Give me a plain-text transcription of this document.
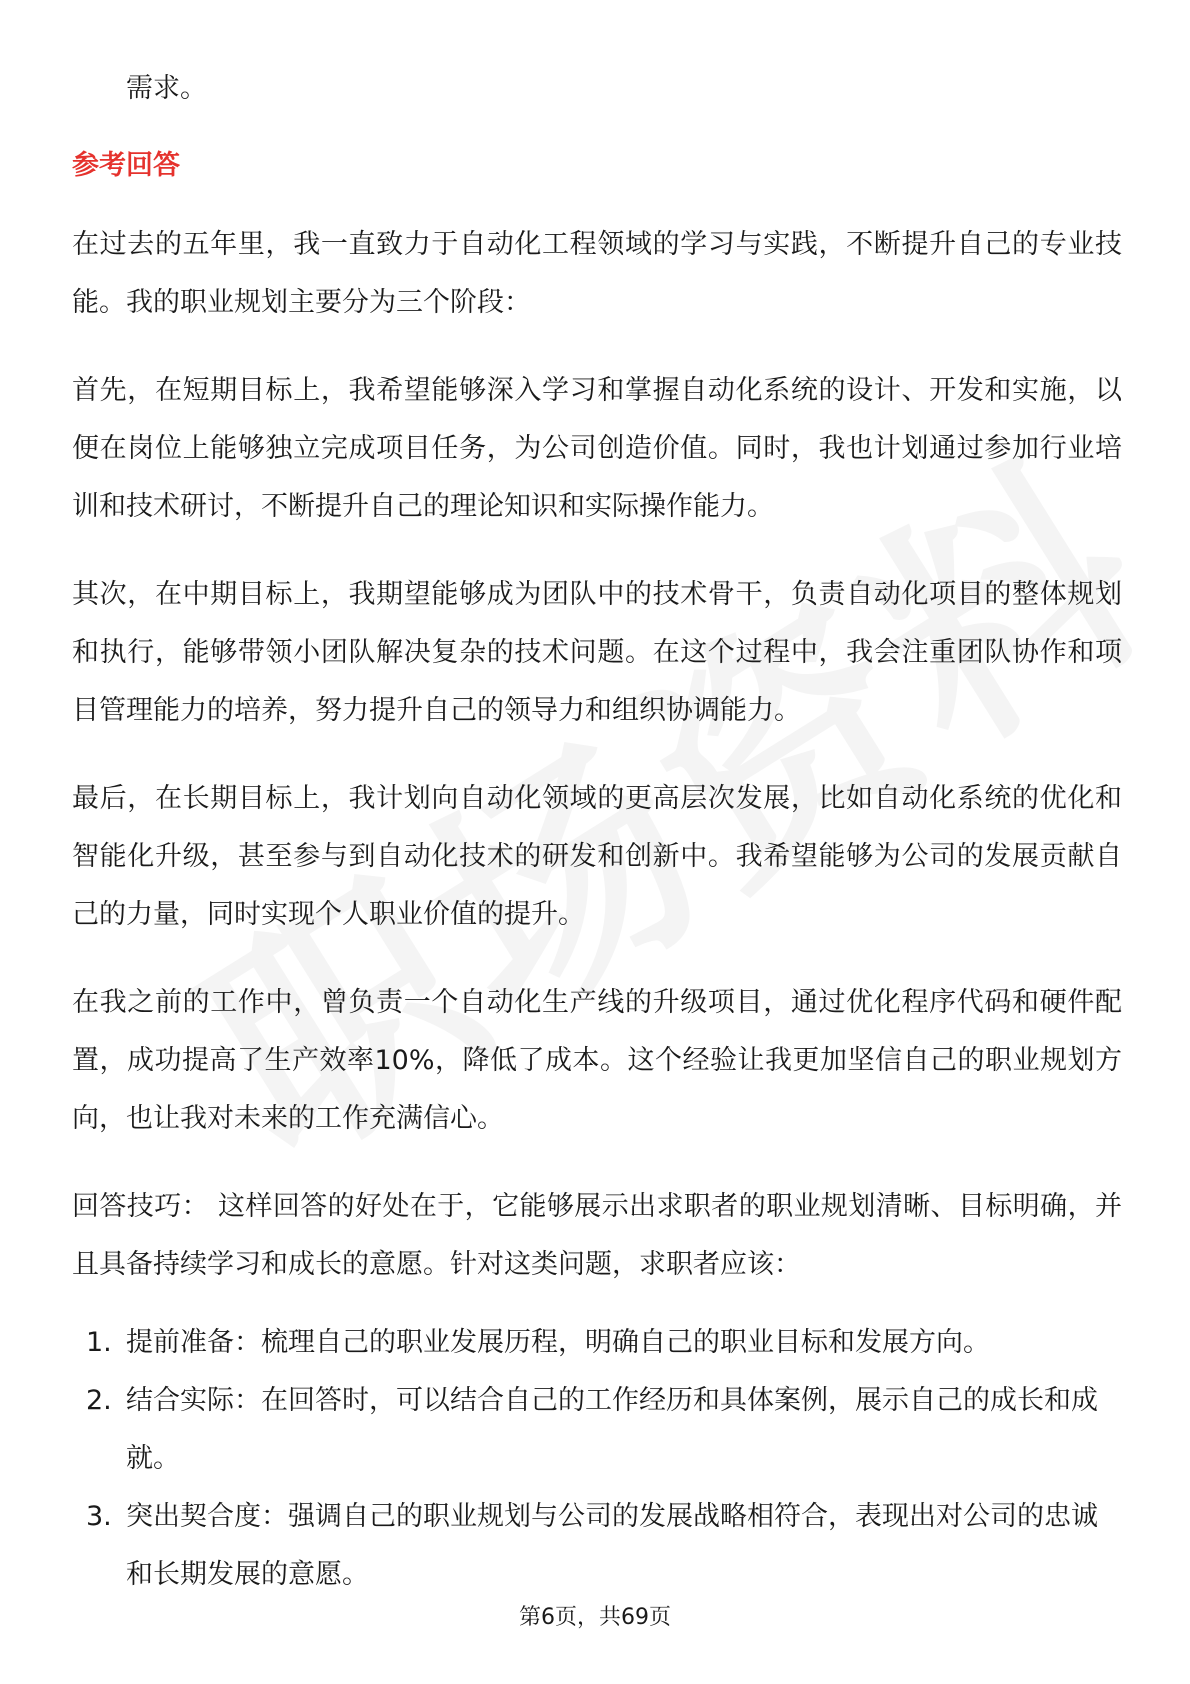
需求。

参考回答

在过去的五年里，我一直致力于自动化工程领域的学习与实践，不断提升自己的专业技能。我的职业规划主要分为三个阶段：

首先，在短期目标上，我希望能够深入学习和掌握自动化系统的设计、开发和实施，以便在岗位上能够独立完成项目任务，为公司创造价值。同时，我也计划通过参加行业培训和技术研讨，不断提升自己的理论知识和实际操作能力。

其次，在中期目标上，我期望能够成为团队中的技术骨干，负责自动化项目的整体规划和执行，能够带领小团队解决复杂的技术问题。在这个过程中，我会注重团队协作和项目管理能力的培养，努力提升自己的领导力和组织协调能力。

最后，在长期目标上，我计划向自动化领域的更高层次发展，比如自动化系统的优化和智能化升级，甚至参与到自动化技术的研发和创新中。我希望能够为公司的发展贡献自己的力量，同时实现个人职业价值的提升。

在我之前的工作中，曾负责一个自动化生产线的升级项目，通过优化程序代码和硬件配置，成功提高了生产效率10%，降低了成本。这个经验让我更加坚信自己的职业规划方向，也让我对未来的工作充满信心。

回答技巧： 这样回答的好处在于，它能够展示出求职者的职业规划清晰、目标明确，并且具备持续学习和成长的意愿。针对这类问题，求职者应该：

1. 提前准备：梳理自己的职业发展历程，明确自己的职业目标和发展方向。
2. 结合实际：在回答时，可以结合自己的工作经历和具体案例，展示自己的成长和成就。
3. 突出契合度：强调自己的职业规划与公司的发展战略相符合，表现出对公司的忠诚和长期发展的意愿。
第6页，共69页
